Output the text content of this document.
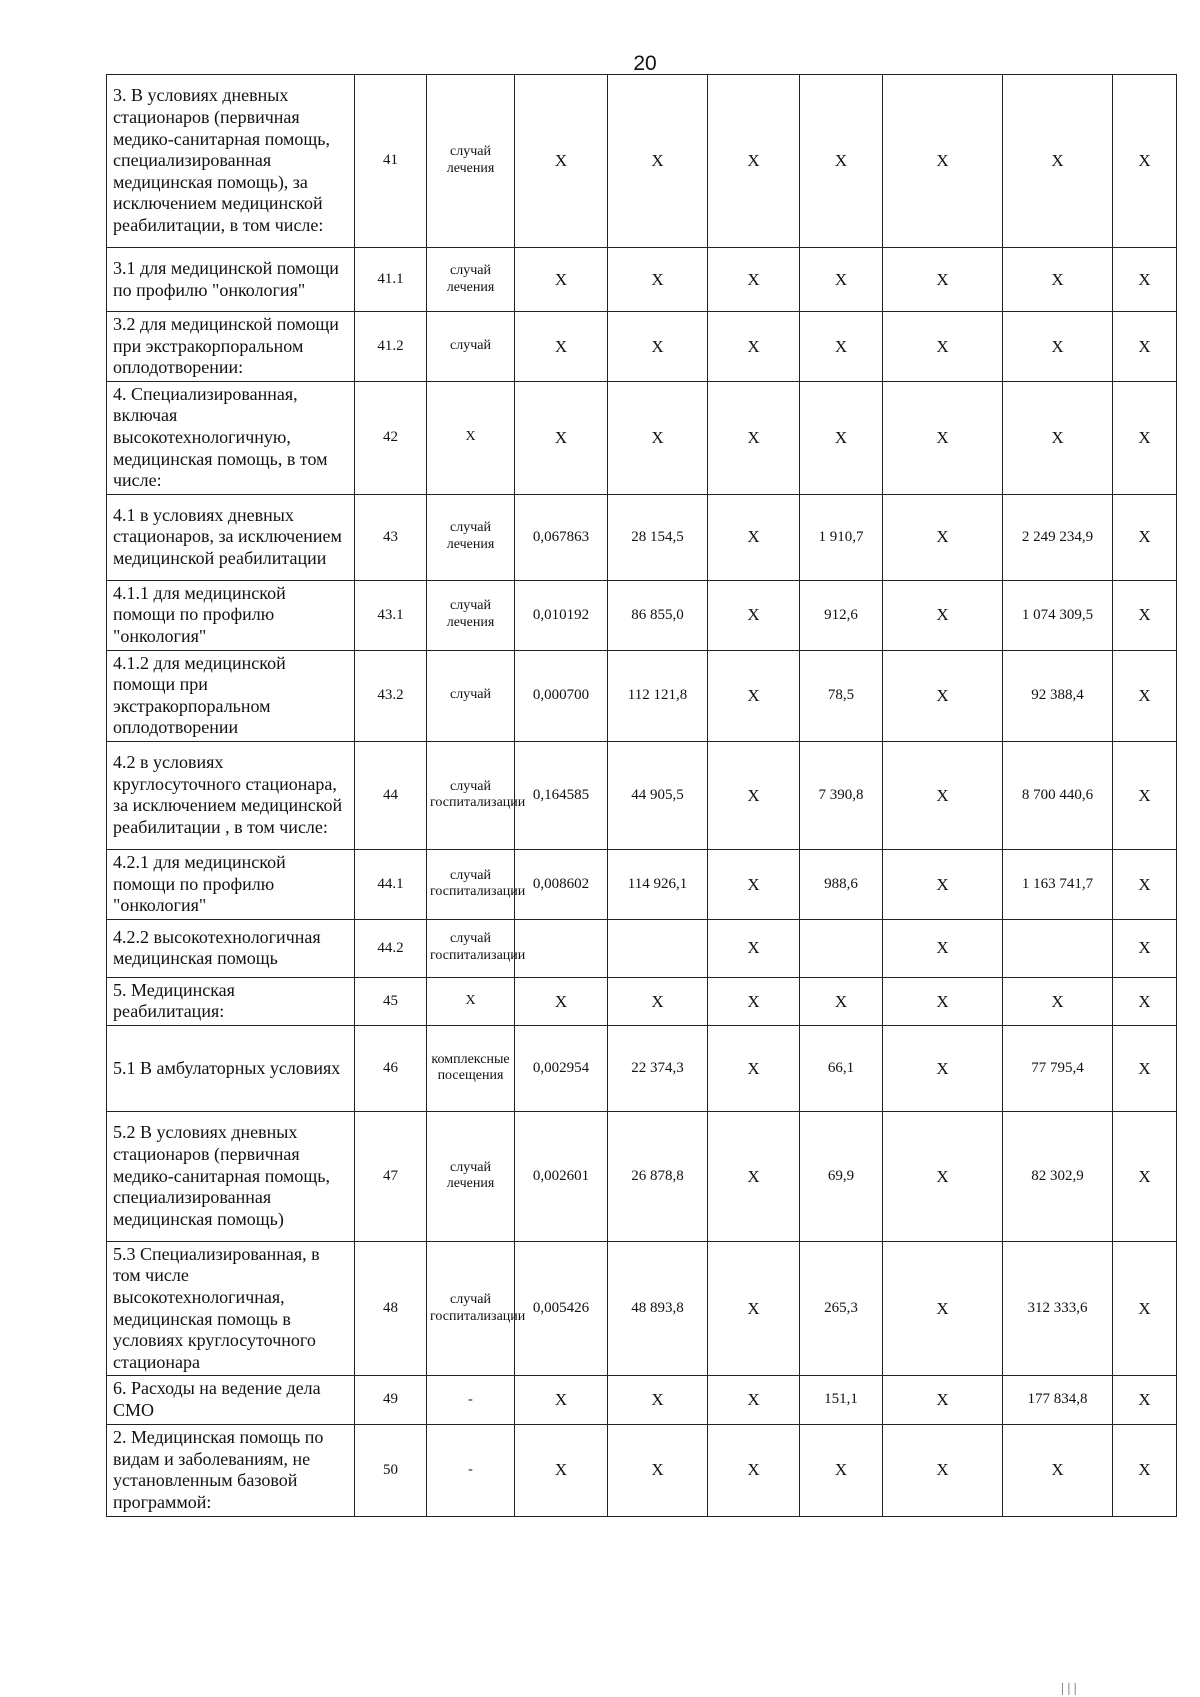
20
3. В условиях дневных стационаров (первичная медико-санитарная помощь, специализированная медицинская помощь), за исключением медицинской реабилитации, в том числе:	41	случай лечения	X	X	X	X	X	X	X
3.1 для медицинской помощи по профилю "онкология"	41.1	случай лечения	X	X	X	X	X	X	X
3.2 для медицинской помощи при экстракорпоральном оплодотворении:	41.2	случай	X	X	X	X	X	X	X
4. Специализированная, включая высокотехнологичную, медицинская помощь, в том числе:	42	X	X	X	X	X	X	X	X
4.1 в условиях дневных стационаров, за исключением медицинской реабилитации	43	случай лечения	0,067863	28 154,5	X	1 910,7	X	2 249 234,9	X
4.1.1 для медицинской помощи по профилю "онкология"	43.1	случай лечения	0,010192	86 855,0	X	912,6	X	1 074 309,5	X
4.1.2 для медицинской помощи при экстракорпоральном оплодотворении	43.2	случай	0,000700	112 121,8	X	78,5	X	92 388,4	X
4.2 в условиях круглосуточного стационара, за исключением медицинской реабилитации , в том числе:	44	случай госпитализации	0,164585	44 905,5	X	7 390,8	X	8 700 440,6	X
4.2.1 для медицинской помощи по профилю "онкология"	44.1	случай госпитализации	0,008602	114 926,1	X	988,6	X	1 163 741,7	X
4.2.2 высокотехнологичная медицинская помощь	44.2	случай госпитализации			X		X		X
5. Медицинская реабилитация:	45	X	X	X	X	X	X	X	X
5.1 В амбулаторных условиях	46	комплексные посещения	0,002954	22 374,3	X	66,1	X	77 795,4	X
5.2 В условиях дневных стационаров (первичная медико-санитарная помощь, специализированная медицинская помощь)	47	случай лечения	0,002601	26 878,8	X	69,9	X	82 302,9	X
5.3 Специализированная, в том числе высокотехнологичная, медицинская помощь в условиях круглосуточного стационара	48	случай госпитализации	0,005426	48 893,8	X	265,3	X	312 333,6	X
6. Расходы на ведение дела СМО	49	-	X	X	X	151,1	X	177 834,8	X
2. Медицинская помощь по видам и заболеваниям, не установленным базовой программой:	50	-	X	X	X	X	X	X	X
│││
